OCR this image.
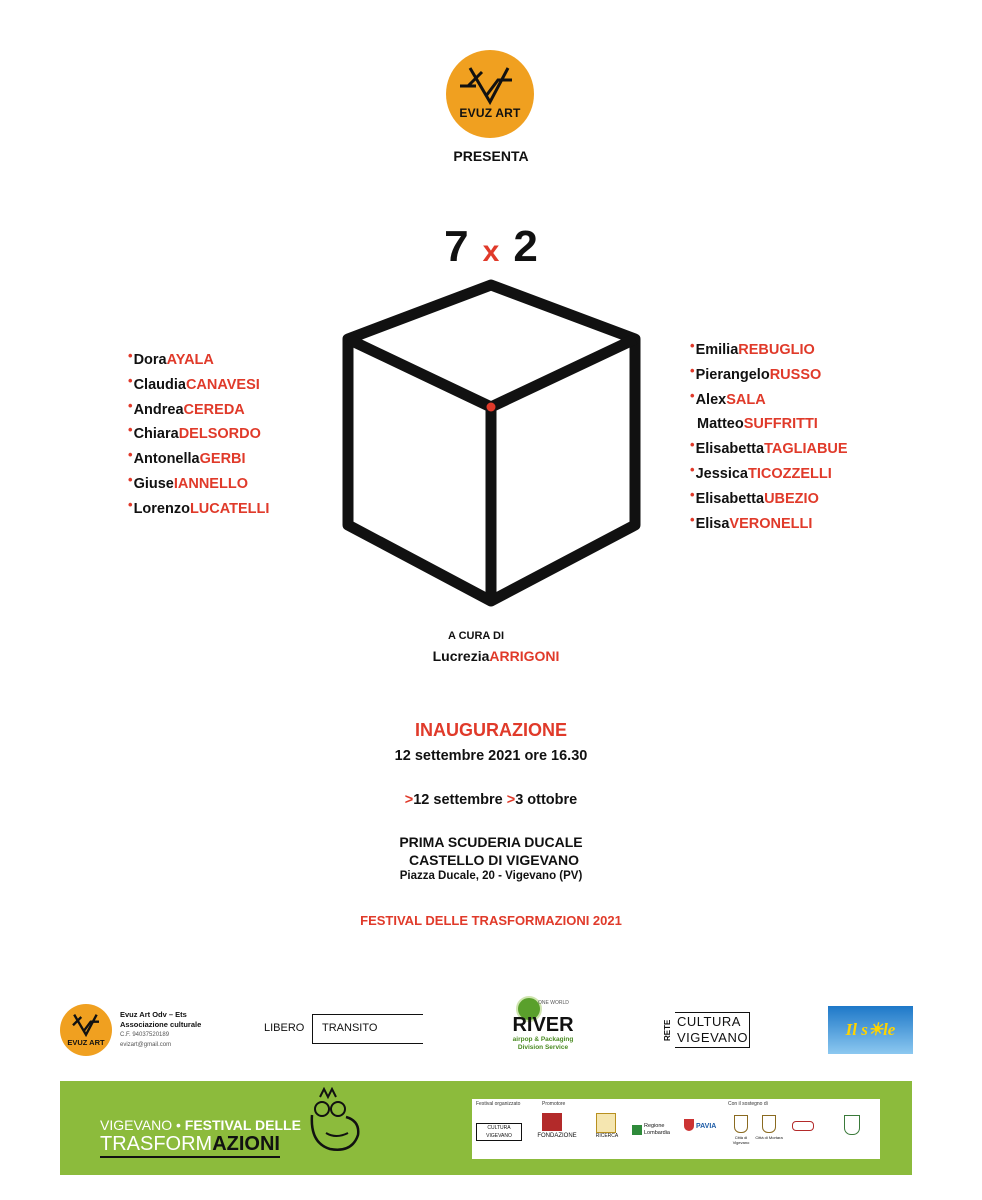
EVUZ ART
PRESENTA
7 x 2
•DoraAYALA
•ClaudiaCANAVESI
•AndreaCEREDA
•ChiaraDELSORDO
•AntonellaGERBI
•GiuseIANNELLO
•LorenzoLUCATELLI
•EmiliaREBUGLIO
•PierangeloRUSSO
•AlexSALA
MatteoSUFFRITTI
•ElisabettaTAGLIABUE
•JessicaTICOZZELLI
•ElisabettaUBEZIO
•ElisaVERONELLI
A CURA DI
LucreziaARRIGONI
INAUGURAZIONE
12 settembre 2021 ore 16.30
>12 settembre >3 ottobre
PRIMA SCUDERIA DUCALE
CASTELLO DI VIGEVANO
Piazza Ducale, 20 - Vigevano (PV)
FESTIVAL DELLE TRASFORMAZIONI 2021
EVUZ ART
Evuz Art Odv – Ets
Associazione culturale
C.F. 94037520189
evizart@gmail.com
LIBERO TRANSITO
ONE WORLD
RIVER
airpop & Packaging
Division Service
RETE CULTURA
VIGEVANO	Il s☀le
VIGEVANO • FESTIVAL DELLE
TRASFORMAZIONI
Festival organizzato	Promotore	Con il sostegno di
CULTURA VIGEVANO	FONDAZIONE	RICERCA
Regione Lombardia
PAVIA
Città di Vigevano
Città di Mortara
